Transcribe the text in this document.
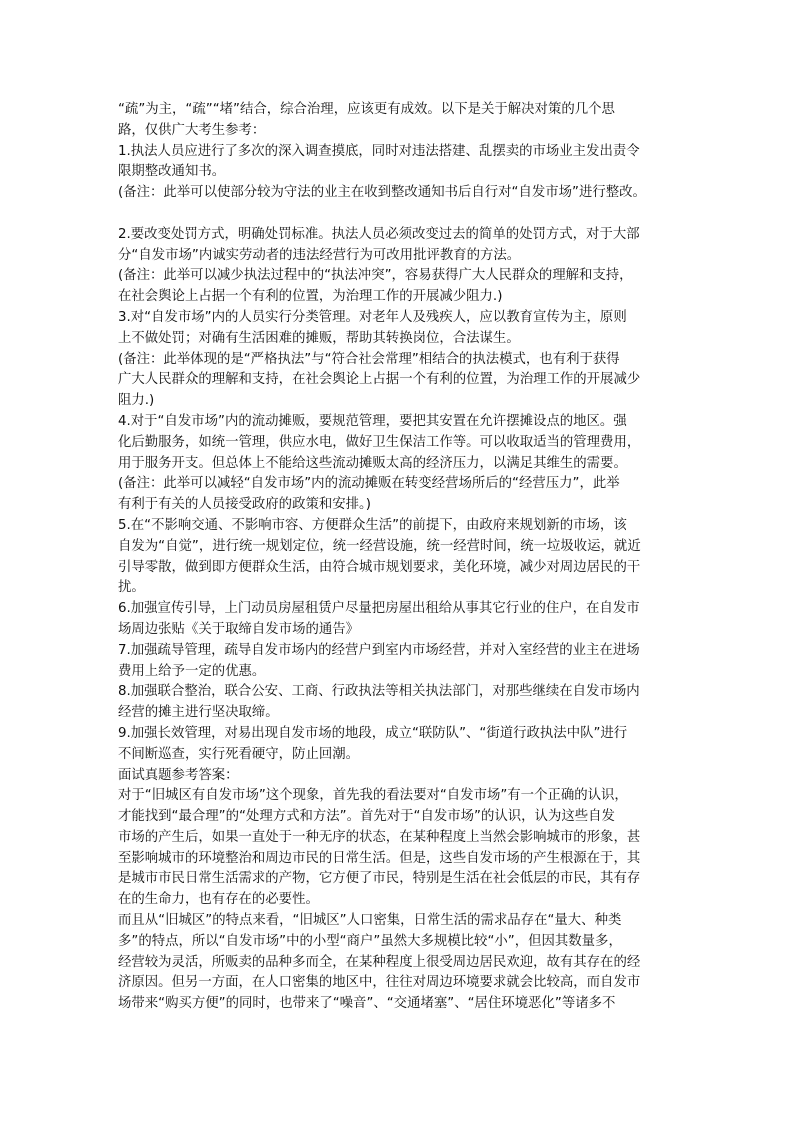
“疏”为主，“疏”“堵”结合，综合治理，应该更有成效。以下是关于解决对策的几个思
路，仅供广大考生参考：
1.执法人员应进行了多次的深入调查摸底，同时对违法搭建、乱摆卖的市场业主发出责令
限期整改通知书。
(备注：此举可以使部分较为守法的业主在收到整改通知书后自行对“自发市场”进行整改。
2.要改变处罚方式，明确处罚标准。执法人员必须改变过去的简单的处罚方式，对于大部
分“自发市场”内诚实劳动者的违法经营行为可改用批评教育的方法。
(备注：此举可以减少执法过程中的“执法冲突”，容易获得广大人民群众的理解和支持，
在社会舆论上占据一个有利的位置，为治理工作的开展减少阻力.)
3.对“自发市场”内的人员实行分类管理。对老年人及残疾人，应以教育宣传为主，原则
上不做处罚；对确有生活困难的摊贩，帮助其转换岗位，合法谋生。
(备注：此举体现的是“严格执法”与“符合社会常理”相结合的执法模式，也有利于获得
广大人民群众的理解和支持，在社会舆论上占据一个有利的位置，为治理工作的开展减少
阻力.)
4.对于“自发市场”内的流动摊贩，要规范管理，要把其安置在允许摆摊设点的地区。强
化后勤服务，如统一管理，供应水电，做好卫生保洁工作等。可以收取适当的管理费用，
用于服务开支。但总体上不能给这些流动摊贩太高的经济压力，以满足其维生的需要。
(备注：此举可以减轻“自发市场”内的流动摊贩在转变经营场所后的“经营压力”，此举
有利于有关的人员接受政府的政策和安排。)
5.在“不影响交通、不影响市容、方便群众生活”的前提下，由政府来规划新的市场，该
自发为“自觉”，进行统一规划定位，统一经营设施，统一经营时间，统一垃圾收运，就近
引导零散，做到即方便群众生活，由符合城市规划要求，美化环境，减少对周边居民的干
扰。
6.加强宣传引导，上门动员房屋租赁户尽量把房屋出租给从事其它行业的住户，在自发市
场周边张贴《关于取缔自发市场的通告》
7.加强疏导管理，疏导自发市场内的经营户到室内市场经营，并对入室经营的业主在进场
费用上给予一定的优惠。
8.加强联合整治，联合公安、工商、行政执法等相关执法部门，对那些继续在自发市场内
经营的摊主进行坚决取缔。
9.加强长效管理，对易出现自发市场的地段，成立“联防队”、“街道行政执法中队”进行
不间断巡查，实行死看硬守，防止回潮。
面试真题参考答案：
对于“旧城区有自发市场”这个现象，首先我的看法要对“自发市场”有一个正确的认识，
才能找到“最合理”的“处理方式和方法”。首先对于“自发市场”的认识，认为这些自发
市场的产生后，如果一直处于一种无序的状态，在某种程度上当然会影响城市的形象，甚
至影响城市的环境整治和周边市民的日常生活。但是，这些自发市场的产生根源在于，其
是城市市民日常生活需求的产物，它方便了市民，特别是生活在社会低层的市民，其有存
在的生命力，也有存在的必要性。
而且从“旧城区”的特点来看，“旧城区”人口密集，日常生活的需求品存在“量大、种类
多”的特点，所以“自发市场”中的小型“商户”虽然大多规模比较“小”，但因其数量多，
经营较为灵活，所贩卖的品种多而全，在某种程度上很受周边居民欢迎，故有其存在的经
济原因。但另一方面，在人口密集的地区中，往往对周边环境要求就会比较高，而自发市
场带来“购买方便”的同时，也带来了“噪音”、“交通堵塞”、“居住环境恶化”等诸多不
